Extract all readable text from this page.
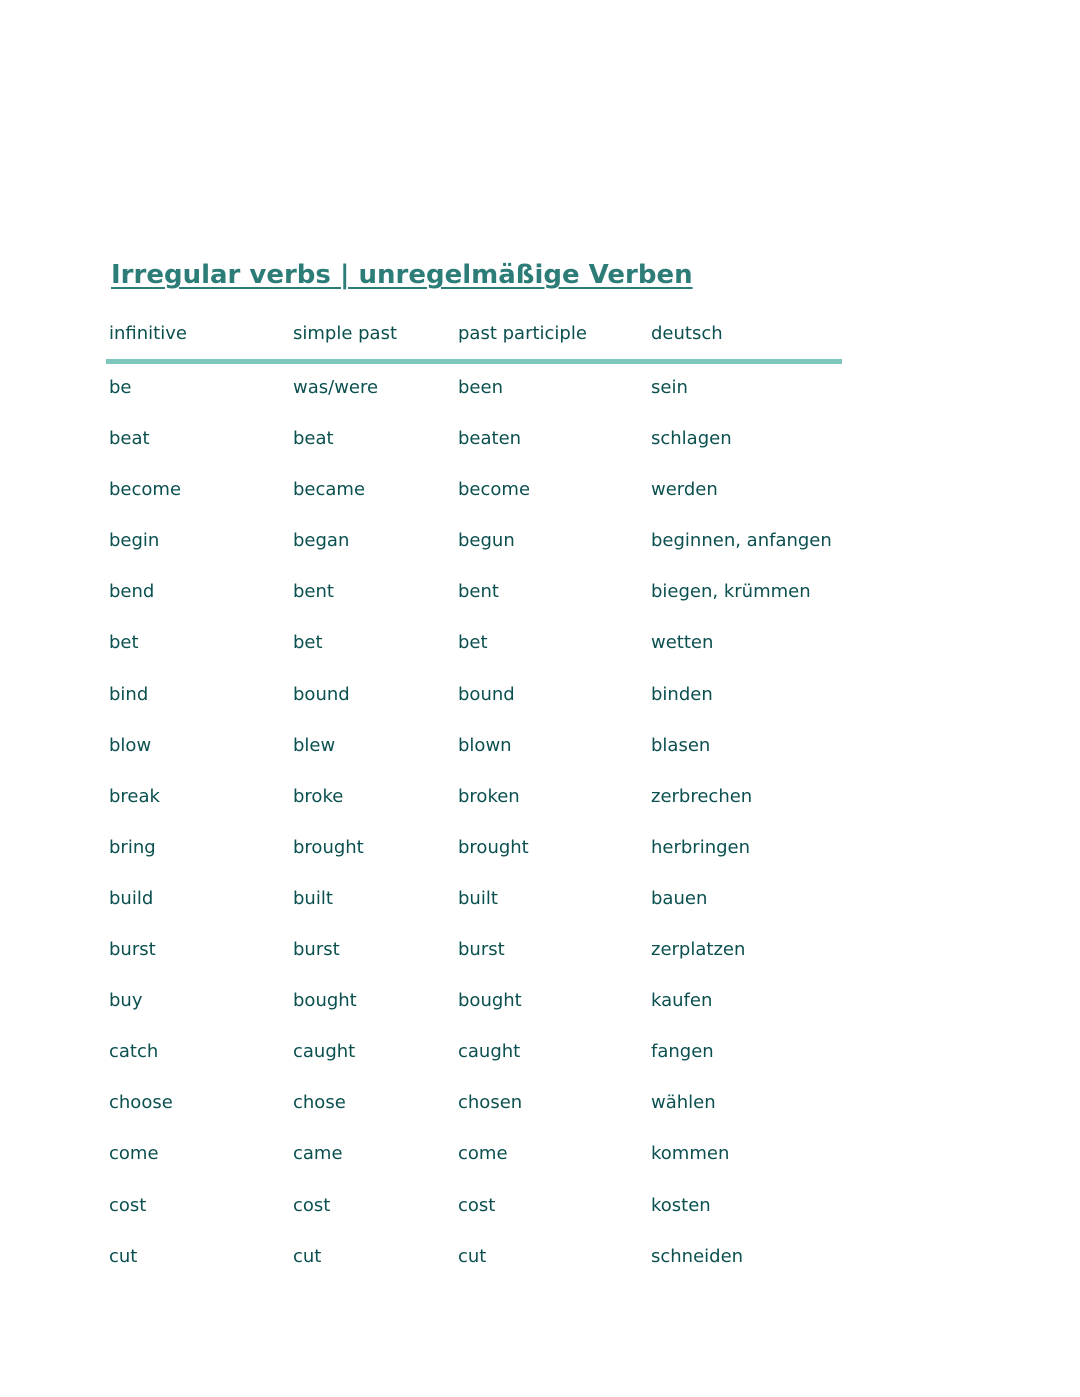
Irregular verbs | unregelmäßige Verben
infinitive	simple past	past participle	deutsch
be	was/were	been	sein
beat	beat	beaten	schlagen
become	became	become	werden
begin	began	begun	beginnen, anfangen
bend	bent	bent	biegen, krümmen
bet	bet	bet	wetten
bind	bound	bound	binden
blow	blew	blown	blasen
break	broke	broken	zerbrechen
bring	brought	brought	herbringen
build	built	built	bauen
burst	burst	burst	zerplatzen
buy	bought	bought	kaufen
catch	caught	caught	fangen
choose	chose	chosen	wählen
come	came	come	kommen
cost	cost	cost	kosten
cut	cut	cut	schneiden
